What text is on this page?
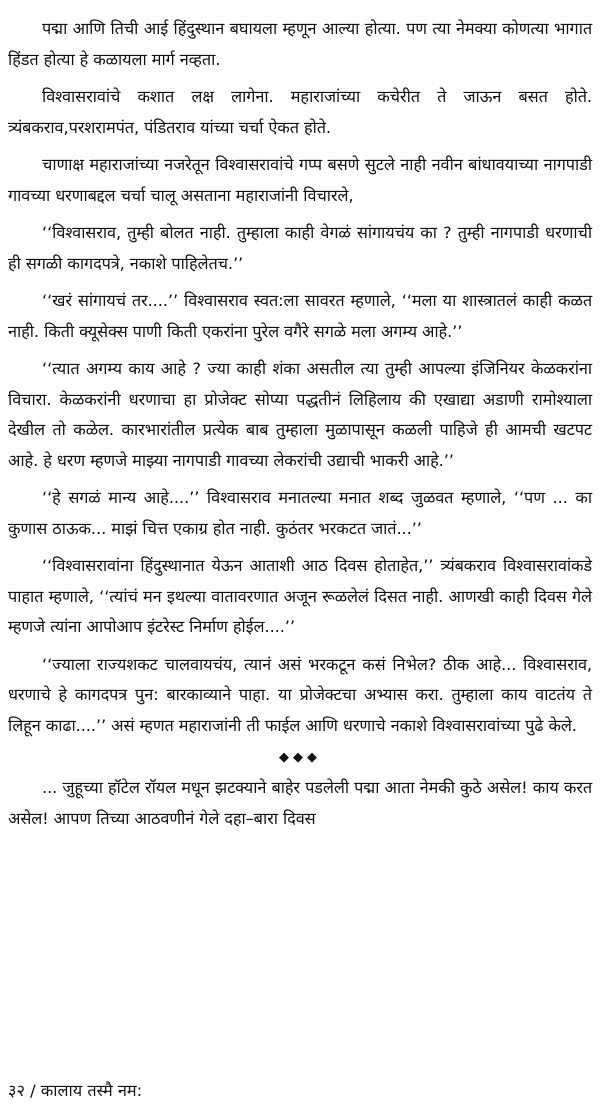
पद्मा आणि तिची आई हिंदुस्थान बघायला म्हणून आल्या होत्या. पण त्या नेमक्या कोणत्या भागात हिंडत होत्या हे कळायला मार्ग नव्हता.

विश्वासरावांचे कशात लक्ष लागेना. महाराजांच्या कचेरीत ते जाऊन बसत होते. त्र्यंबकराव,परशरामपंत, पंडितराव यांच्या चर्चा ऐकत होते.

चाणाक्ष महाराजांच्या नजरेतून विश्वासरावांचे गप्प बसणे सुटले नाही नवीन बांधावयाच्या नागपाडी गावच्या धरणाबद्दल चर्चा चालू असताना महाराजांनी विचारले,

‘‘विश्वासराव, तुम्ही बोलत नाही. तुम्हाला काही वेगळं सांगायचंय का ? तुम्ही नागपाडी धरणाची ही सगळी कागदपत्रे, नकाशे पाहिलेतच.’’

‘‘खरं सांगायचं तर....’’ विश्वासराव स्वत:ला सावरत म्हणाले, ‘‘मला या शास्त्रातलं काही कळत नाही. किती क्यूसेक्स पाणी किती एकरांना पुरेल वगैरे सगळे मला अगम्य आहे.’’

‘‘त्यात अगम्य काय आहे ? ज्या काही शंका असतील त्या तुम्ही आपल्या इंजिनियर केळकरांना विचारा. केळकरांनी धरणाचा हा प्रोजेक्ट सोप्या पद्धतीनं लिहिलाय की एखाद्या अडाणी रामोश्याला देखील तो कळेल. कारभारांतील प्रत्येक बाब तुम्हाला मुळापासून कळली पाहिजे ही आमची खटपट आहे. हे धरण म्हणजे माझ्या नागपाडी गावच्या लेकरांची उद्याची भाकरी आहे.’’

‘‘हे सगळं मान्य आहे....’’ विश्वासराव मनातल्या मनात शब्द जुळवत म्हणाले, ‘‘पण ... का कुणास ठाऊक... माझं चित्त एकाग्र होत नाही. कुठंतर भरकटत जातं...’’

‘‘विश्वासरावांना हिंदुस्थानात येऊन आताशी आठ दिवस होताहेत,’’ त्र्यंबकराव विश्वासरावांकडे पाहात म्हणाले, ‘‘त्यांचं मन इथल्या वातावरणात अजून रूळलेलं दिसत नाही. आणखी काही दिवस गेले म्हणजे त्यांना आपोआप इंटरेस्ट निर्माण होईल....’’

‘‘ज्याला राज्यशकट चालवायचंय, त्यानं असं भरकटून कसं निभेल? ठीक आहे... विश्वासराव, धरणाचे हे कागदपत्र पुन: बारकाव्याने पाहा. या प्रोजेक्टचा अभ्यास करा. तुम्हाला काय वाटतंय ते लिहून काढा....’’ असं म्हणत महाराजांनी ती फाईल आणि धरणाचे नकाशे विश्वासरावांच्या पुढे केले.

◆◆◆

... जुहूच्या हॉटेल रॉयल मधून झटक्याने बाहेर पडलेली पद्मा आता नेमकी कुठे असेल! काय करत असेल! आपण तिच्या आठवणीनं गेले दहा–बारा दिवस

३२ / कालाय तस्मै नम:
